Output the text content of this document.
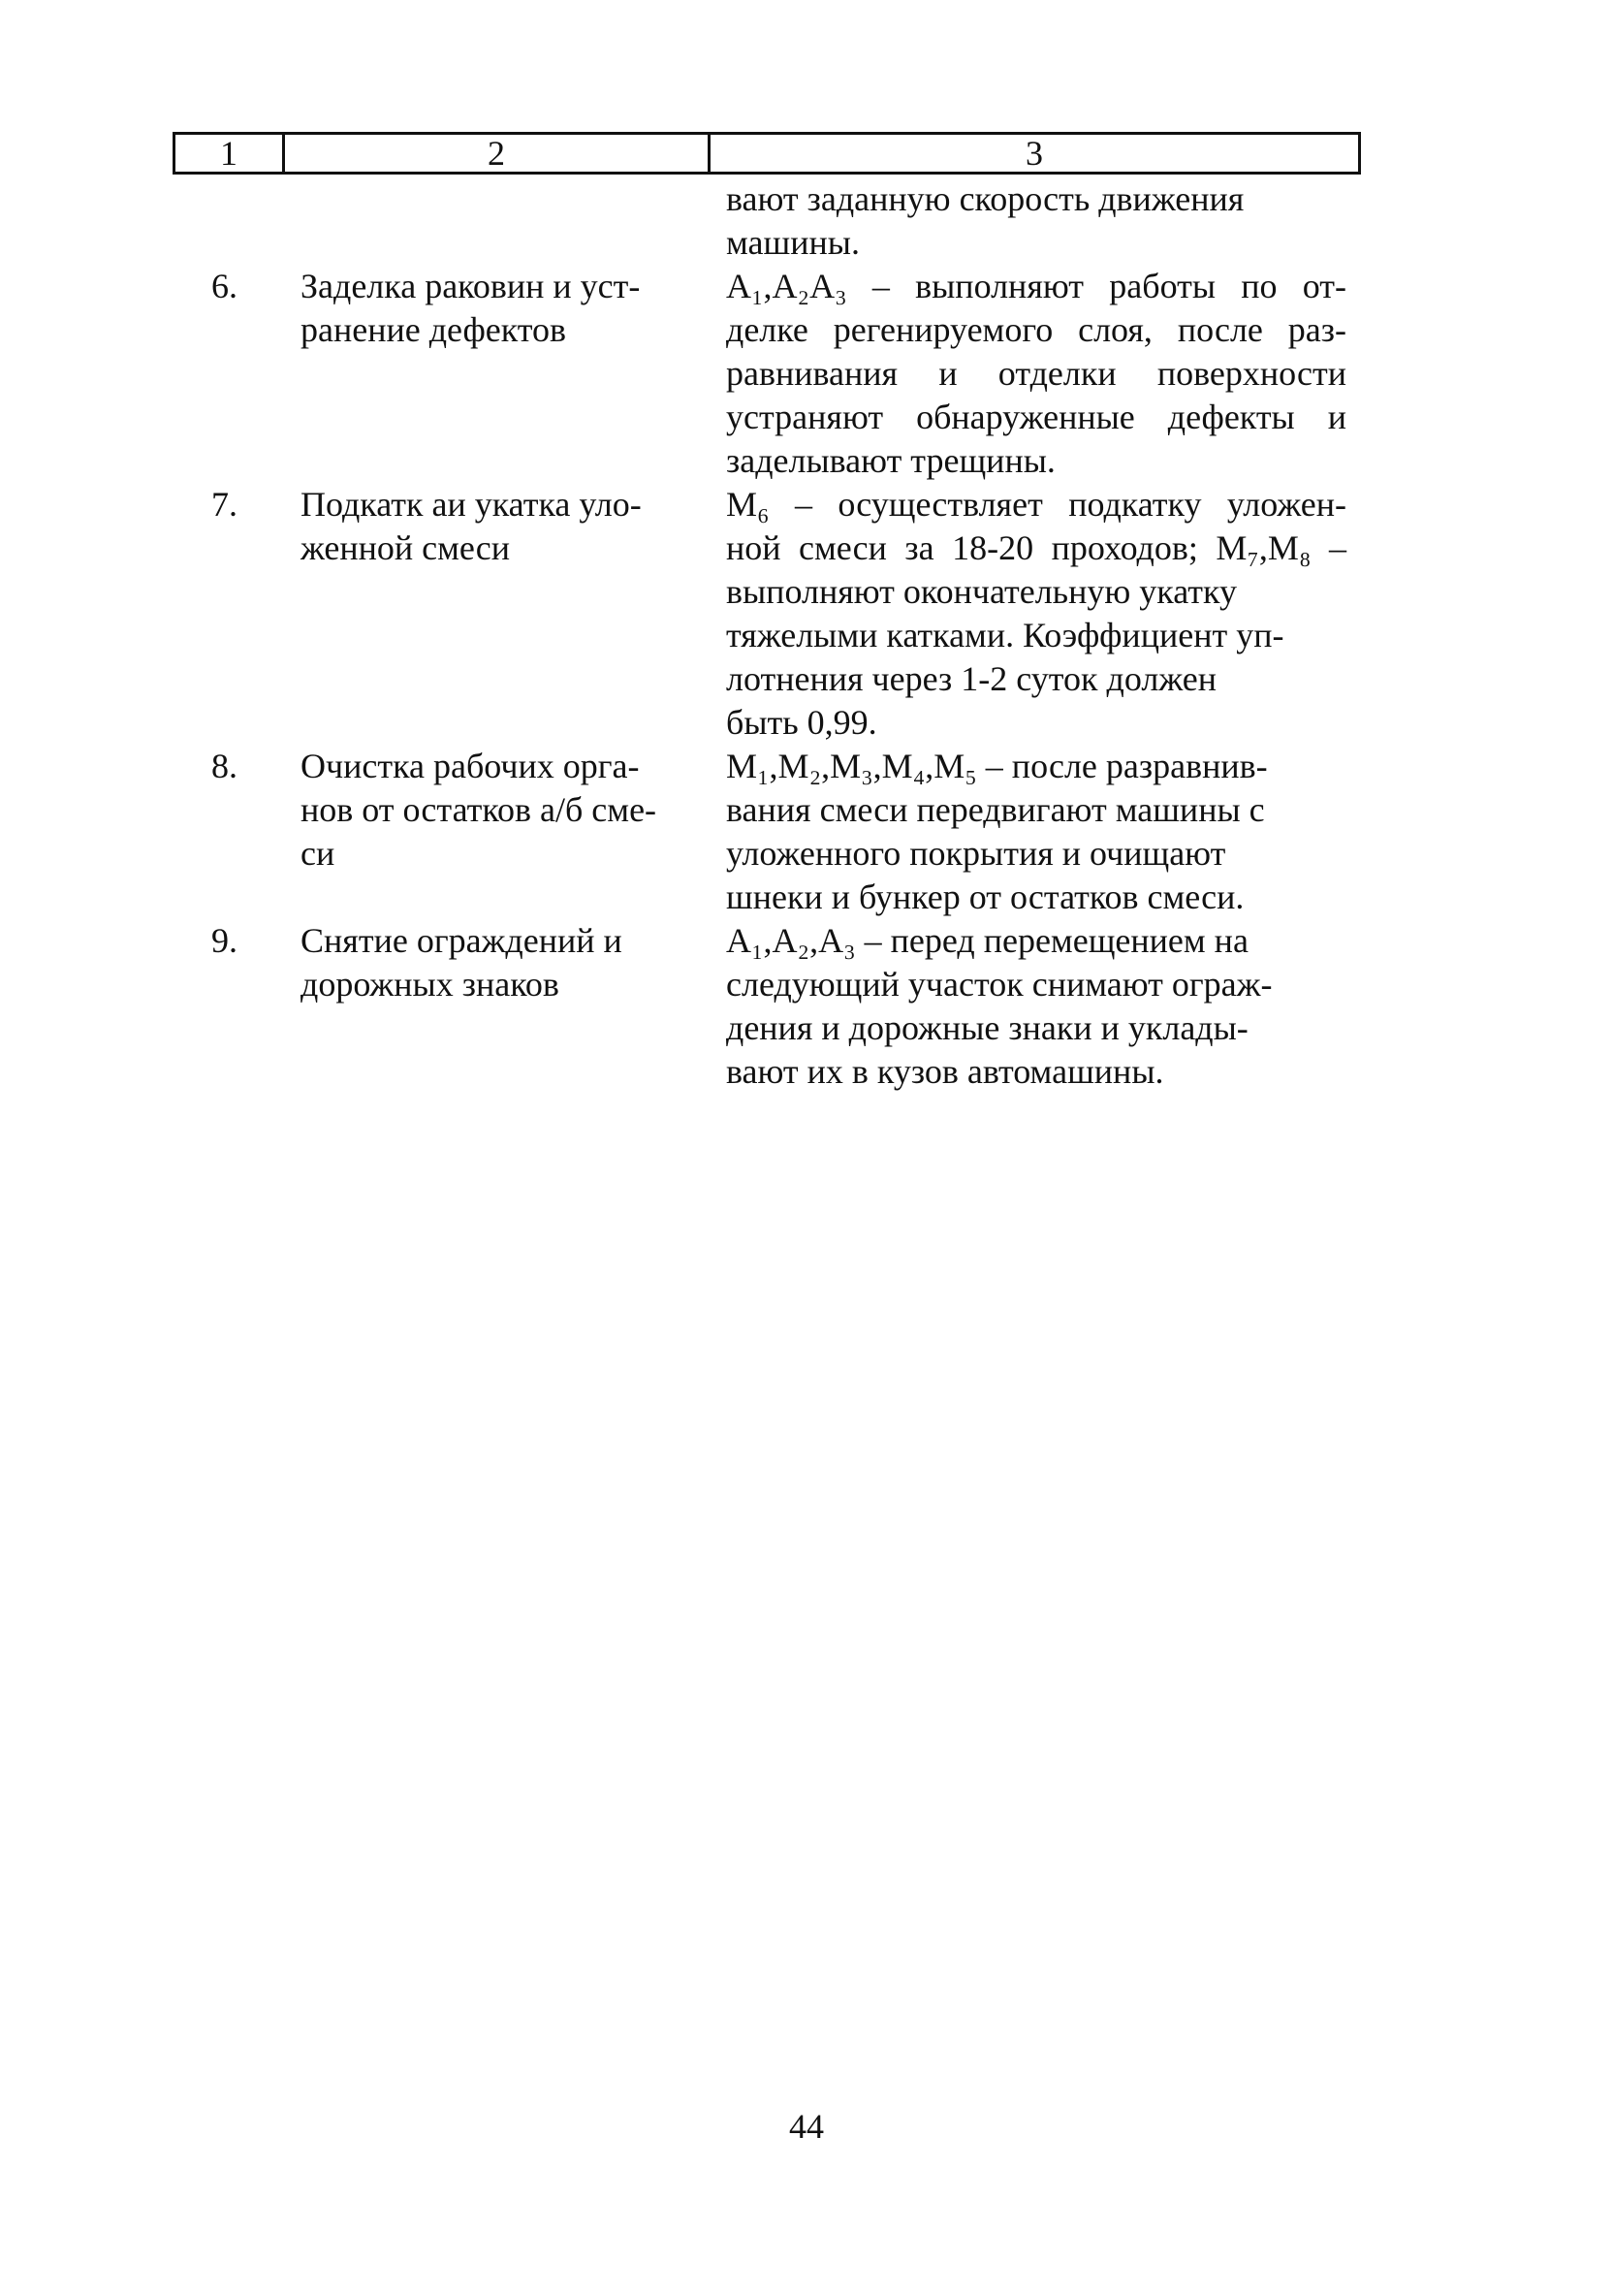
1	2	3
вают заданную скорость движения
машины.
6. Заделка раковин и уст-
ранение дефектов
A₁,A₂A₃ – выполняют работы по от-
делке регенируемого слоя, после раз-
равнивания и отделки поверхности
устраняют обнаруженные дефекты и
заделывают трещины.
7. Подкатк аи укатка уло-
женной смеси
M₆ – осуществляет подкатку уложен-
ной смеси за 18-20 проходов; M₇,M₈ –
выполняют окончательную укатку
тяжелыми катками. Коэффициент уп-
лотнения через 1-2 суток должен
быть 0,99.
8. Очистка рабочих орга-
нов от остатков а/б сме-
си
M₁,M₂,M₃,M₄,M₅ – после разравнив-
вания смеси передвигают машины с
уложенного покрытия и очищают
шнеки и бункер от остатков смеси.
9. Снятие ограждений и
дорожных знаков
A₁,A₂,A₃ – перед перемещением на
следующий участок снимают ограж-
дения и дорожные знаки и уклады-
вают их в кузов автомашины.
44
